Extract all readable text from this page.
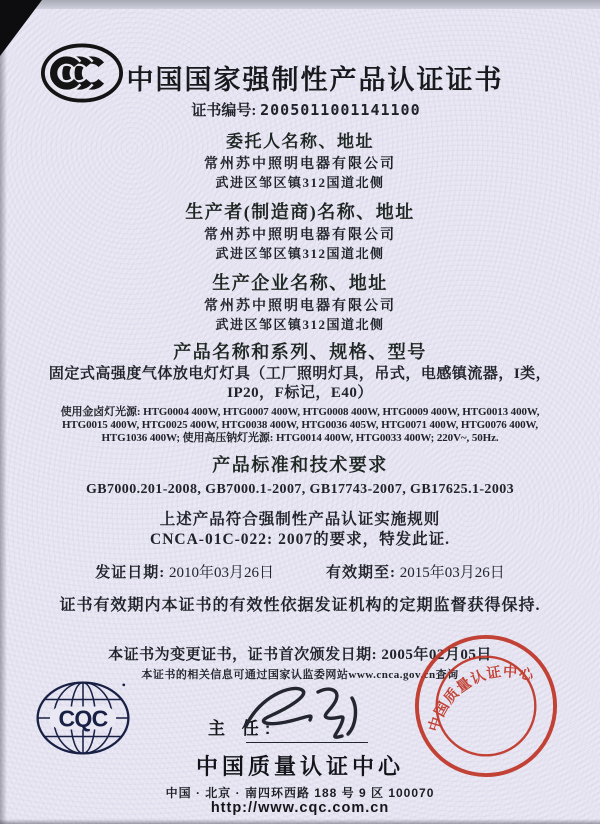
中国国家强制性产品认证证书
证书编号: 2005011001141100
委托人名称、地址
常州苏中照明电器有限公司
武进区邹区镇312国道北侧
生产者(制造商)名称、地址
常州苏中照明电器有限公司
武进区邹区镇312国道北侧
生产企业名称、地址
常州苏中照明电器有限公司
武进区邹区镇312国道北侧
产品名称和系列、规格、型号
固定式高强度气体放电灯灯具（工厂照明灯具，吊式，电感镇流器，I类，
IP20，F标记，E40）
使用金卤灯光源: HTG0004 400W, HTG0007 400W, HTG0008 400W, HTG0009 400W, HTG0013 400W,
HTG0015 400W, HTG0025 400W, HTG0038 400W, HTG0036 405W, HTG0071 400W, HTG0076 400W,
HTG1036 400W; 使用高压钠灯光源: HTG0014 400W, HTG0033 400W; 220V~, 50Hz.
产品标准和技术要求
GB7000.201-2008, GB7000.1-2007, GB17743-2007, GB17625.1-2003
上述产品符合强制性产品认证实施规则
CNCA-01C-022: 2007的要求，特发此证.
发证日期: 2010年03月26日	有效期至: 2015年03月26日
证书有效期内本证书的有效性依据发证机构的定期监督获得保持.
本证书为变更证书，证书首次颁发日期: 2005年02月05日
本证书的相关信息可通过国家认监委网站www.cnca.gov.cn查询
CQC	主 任:
中国质量认证中心
中国 · 北京 · 南四环西路 188 号 9 区 100070
http://www.cqc.com.cn
中国质量认证中心
